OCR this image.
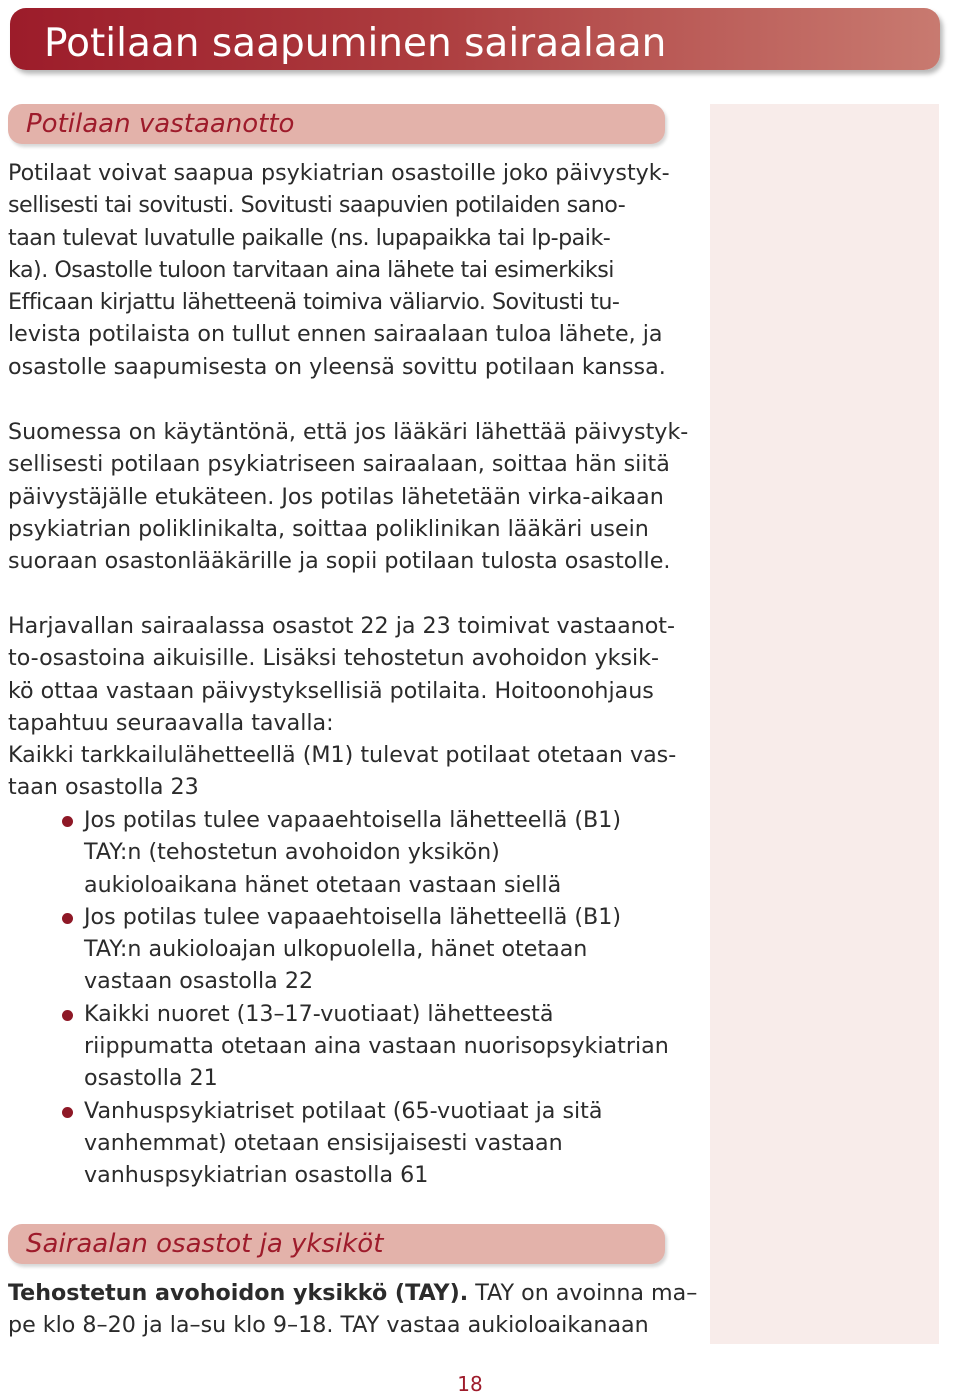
Potilaan saapuminen sairaalaan
Potilaan vastaanotto
Potilaat voivat saapua psykiatrian osastoille joko päivystyk-
sellisesti tai sovitusti. Sovitusti saapuvien potilaiden sano-
taan tulevat luvatulle paikalle (ns. lupapaikka tai lp-paik-
ka). Osastolle tuloon tarvitaan aina lähete tai esimerkiksi
Efficaan kirjattu lähetteenä toimiva väliarvio. Sovitusti tu-
levista potilaista on tullut ennen sairaalaan tuloa lähete, ja
osastolle saapumisesta on yleensä sovittu potilaan kanssa.
Suomessa on käytäntönä, että jos lääkäri lähettää päivystyk-
sellisesti potilaan psykiatriseen sairaalaan, soittaa hän siitä
päivystäjälle etukäteen. Jos potilas lähetetään virka-aikaan
psykiatrian poliklinikalta, soittaa poliklinikan lääkäri usein
suoraan osastonlääkärille ja sopii potilaan tulosta osastolle.
Harjavallan sairaalassa osastot 22 ja 23 toimivat vastaanot-
to-osastoina aikuisille. Lisäksi tehostetun avohoidon yksik-
kö ottaa vastaan päivystyksellisiä potilaita. Hoitoonohjaus
tapahtuu seuraavalla tavalla:
Kaikki tarkkailulähetteellä (M1) tulevat potilaat otetaan vas-
taan osastolla 23
Jos potilas tulee vapaaehtoisella lähetteellä (B1)
TAY:n (tehostetun avohoidon yksikön)
aukioloaikana hänet otetaan vastaan siellä
Jos potilas tulee vapaaehtoisella lähetteellä (B1)
TAY:n aukioloajan ulkopuolella, hänet otetaan
vastaan osastolla 22
Kaikki nuoret (13–17-vuotiaat) lähetteestä
riippumatta otetaan aina vastaan nuorisopsykiatrian
osastolla 21
Vanhuspsykiatriset potilaat (65-vuotiaat ja sitä
vanhemmat) otetaan ensisijaisesti vastaan
vanhuspsykiatrian osastolla 61
Sairaalan osastot ja yksiköt
Tehostetun avohoidon yksikkö (TAY). TAY on avoinna ma–
pe klo 8–20 ja la–su klo 9–18. TAY vastaa aukioloaikanaan
18
